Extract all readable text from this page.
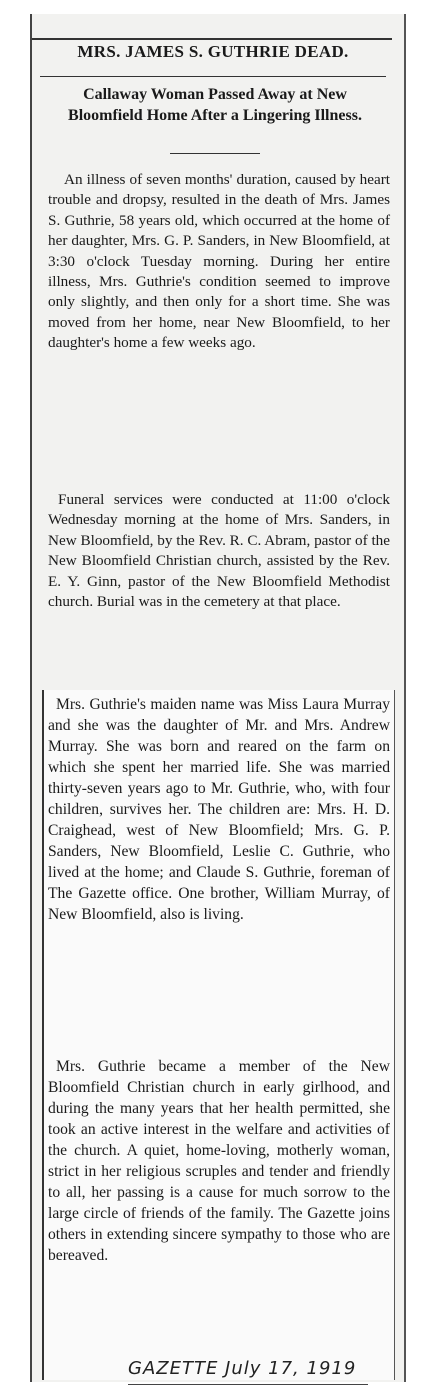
MRS. JAMES S. GUTHRIE DEAD.
Callaway Woman Passed Away at New Bloomfield Home After a Lingering Illness.

An illness of seven months' duration, caused by heart trouble and dropsy, resulted in the death of Mrs. James S. Guthrie, 58 years old, which occurred at the home of her daughter, Mrs. G. P. Sanders, in New Bloomfield, at 3:30 o'clock Tuesday morning. During her entire illness, Mrs. Guthrie's condition seemed to improve only slightly, and then only for a short time. She was moved from her home, near New Bloomfield, to her daughter's home a few weeks ago.

Funeral services were conducted at 11:00 o'clock Wednesday morning at the home of Mrs. Sanders, in New Bloomfield, by the Rev. R. C. Abram, pastor of the New Bloomfield Christian church, assisted by the Rev. E. Y. Ginn, pastor of the New Bloomfield Methodist church. Burial was in the cemetery at that place.

Mrs. Guthrie's maiden name was Miss Laura Murray and she was the daughter of Mr. and Mrs. Andrew Murray. She was born and reared on the farm on which she spent her married life. She was married thirty-seven years ago to Mr. Guthrie, who, with four children, survives her. The children are: Mrs. H. D. Craighead, west of New Bloomfield; Mrs. G. P. Sanders, New Bloomfield, Leslie C. Guthrie, who lived at the home; and Claude S. Guthrie, foreman of The Gazette office. One brother, William Murray, of New Bloomfield, also is living.

Mrs. Guthrie became a member of the New Bloomfield Christian church in early girlhood, and during the many years that her health permitted, she took an active interest in the welfare and activities of the church. A quiet, home-loving, motherly woman, strict in her religious scruples and tender and friendly to all, her passing is a cause for much sorrow to the large circle of friends of the family. The Gazette joins others in extending sincere sympathy to those who are bereaved.

GAZETTE July 17, 1919
